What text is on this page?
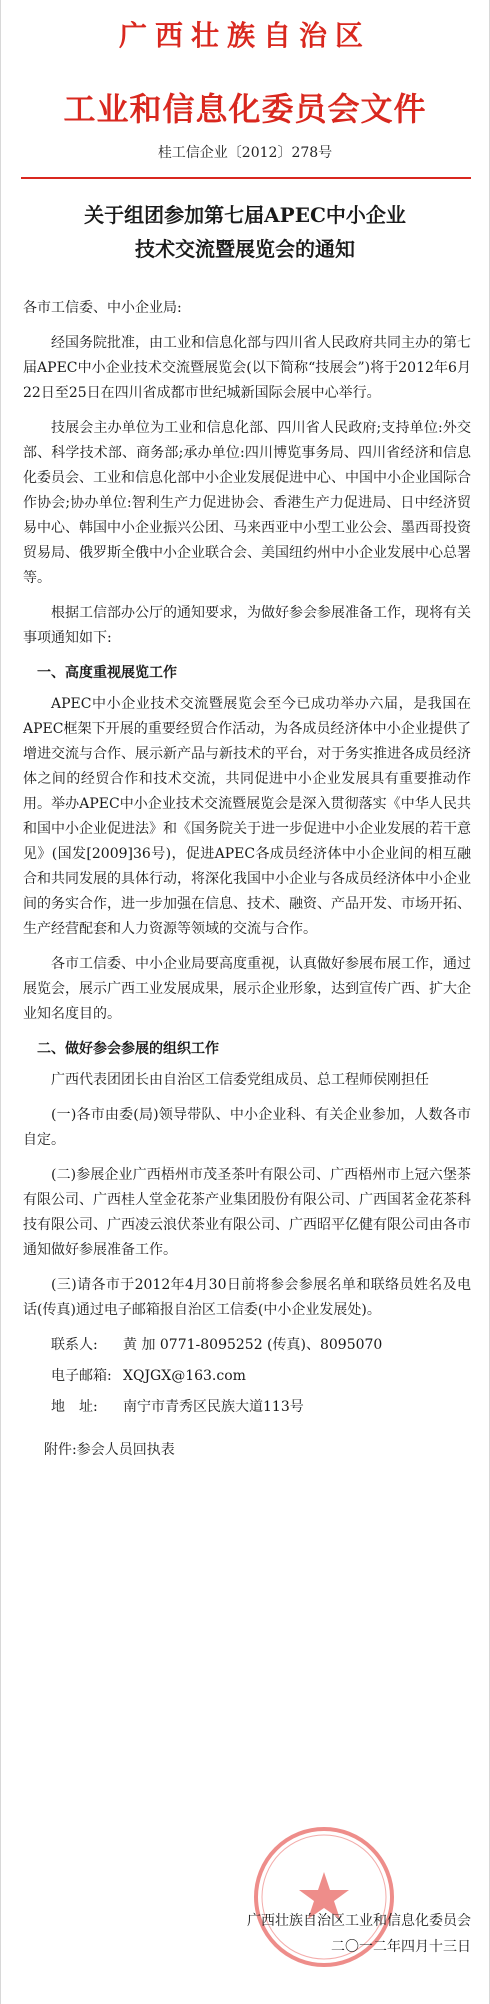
广西壮族自治区
工业和信息化委员会文件
桂工信企业〔2012〕278号
关于组团参加第七届APEC中小企业
技术交流暨展览会的通知

各市工信委、中小企业局:

经国务院批准，由工业和信息化部与四川省人民政府共同主办的第七届APEC中小企业技术交流暨展览会(以下简称“技展会”)将于2012年6月22日至25日在四川省成都市世纪城新国际会展中心举行。

技展会主办单位为工业和信息化部、四川省人民政府;支持单位:外交部、科学技术部、商务部;承办单位:四川博览事务局、四川省经济和信息化委员会、工业和信息化部中小企业发展促进中心、中国中小企业国际合作协会;协办单位:智利生产力促进协会、香港生产力促进局、日中经济贸易中心、韩国中小企业振兴公团、马来西亚中小型工业公会、墨西哥投资贸易局、俄罗斯全俄中小企业联合会、美国纽约州中小企业发展中心总署等。

根据工信部办公厅的通知要求，为做好参会参展准备工作，现将有关事项通知如下:

一、高度重视展览工作

APEC中小企业技术交流暨展览会至今已成功举办六届，是我国在APEC框架下开展的重要经贸合作活动，为各成员经济体中小企业提供了增进交流与合作、展示新产品与新技术的平台，对于务实推进各成员经济体之间的经贸合作和技术交流，共同促进中小企业发展具有重要推动作用。举办APEC中小企业技术交流暨展览会是深入贯彻落实《中华人民共和国中小企业促进法》和《国务院关于进一步促进中小企业发展的若干意见》(国发[2009]36号)，促进APEC各成员经济体中小企业间的相互融合和共同发展的具体行动，将深化我国中小企业与各成员经济体中小企业间的务实合作，进一步加强在信息、技术、融资、产品开发、市场开拓、生产经营配套和人力资源等领域的交流与合作。

各市工信委、中小企业局要高度重视，认真做好参展布展工作，通过展览会，展示广西工业发展成果，展示企业形象，达到宣传广西、扩大企业知名度目的。

二、做好参会参展的组织工作

广西代表团团长由自治区工信委党组成员、总工程师侯刚担任

(一)各市由委(局)领导带队、中小企业科、有关企业参加，人数各市自定。

(二)参展企业广西梧州市茂圣茶叶有限公司、广西梧州市上冠六堡茶有限公司、广西桂人堂金花茶产业集团股份有限公司、广西国茗金花茶科技有限公司、广西凌云浪伏茶业有限公司、广西昭平亿健有限公司由各市通知做好参展准备工作。

(三)请各市于2012年4月30日前将参会参展名单和联络员姓名及电话(传真)通过电子邮箱报自治区工信委(中小企业发展处)。

联系人: 黄 加 0771-8095252 (传真)、8095070
电子邮箱: XQJGX@163.com
地　址: 南宁市青秀区民族大道113号
附件:参会人员回执表
广西壮族自治区工业和信息化委员会
二〇一二年四月十三日
